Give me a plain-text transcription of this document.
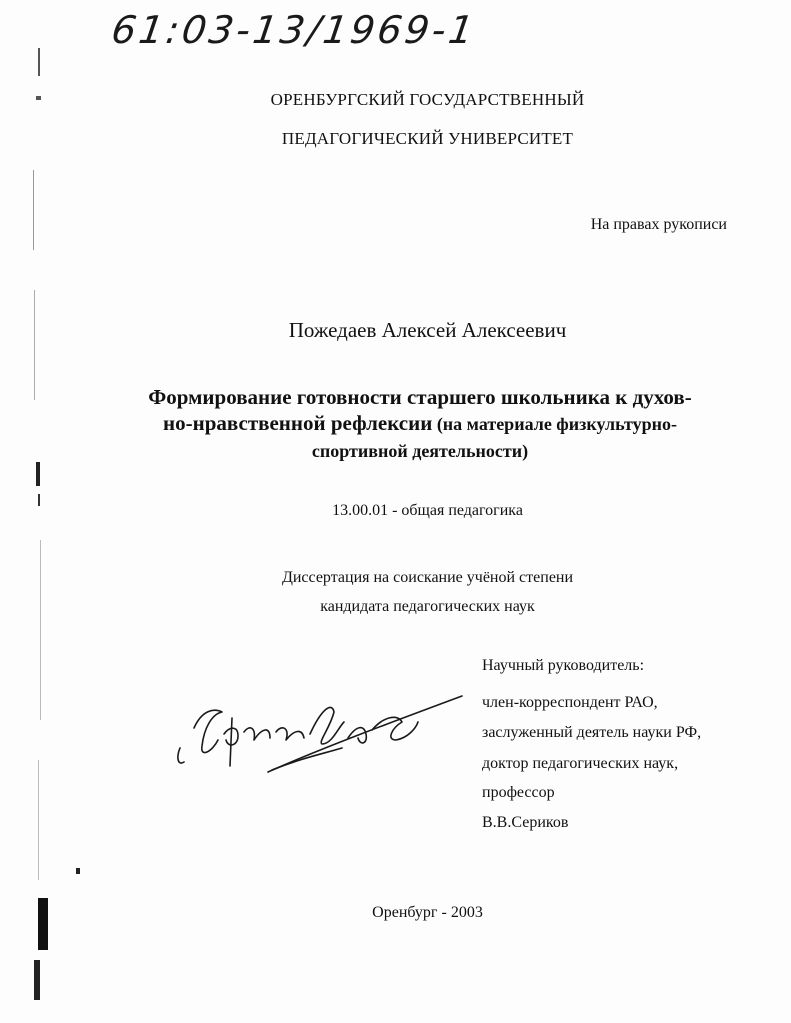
61:03-13/1969-1
ОРЕНБУРГСКИЙ ГОСУДАРСТВЕННЫЙ
ПЕДАГОГИЧЕСКИЙ УНИВЕРСИТЕТ
На правах рукописи
Пожедаев Алексей Алексеевич
Формирование готовности старшего школьника к духов-
но-нравственной рефлексии (на материале физкультурно-
спортивной деятельности)
13.00.01 - общая педагогика
Диссертация на соискание учёной степени
кандидата педагогических наук
Научный руководитель:
член-корреспондент РАО,
заслуженный деятель науки РФ,
доктор педагогических наук,
профессор
В.В.Сериков
Оренбург - 2003
